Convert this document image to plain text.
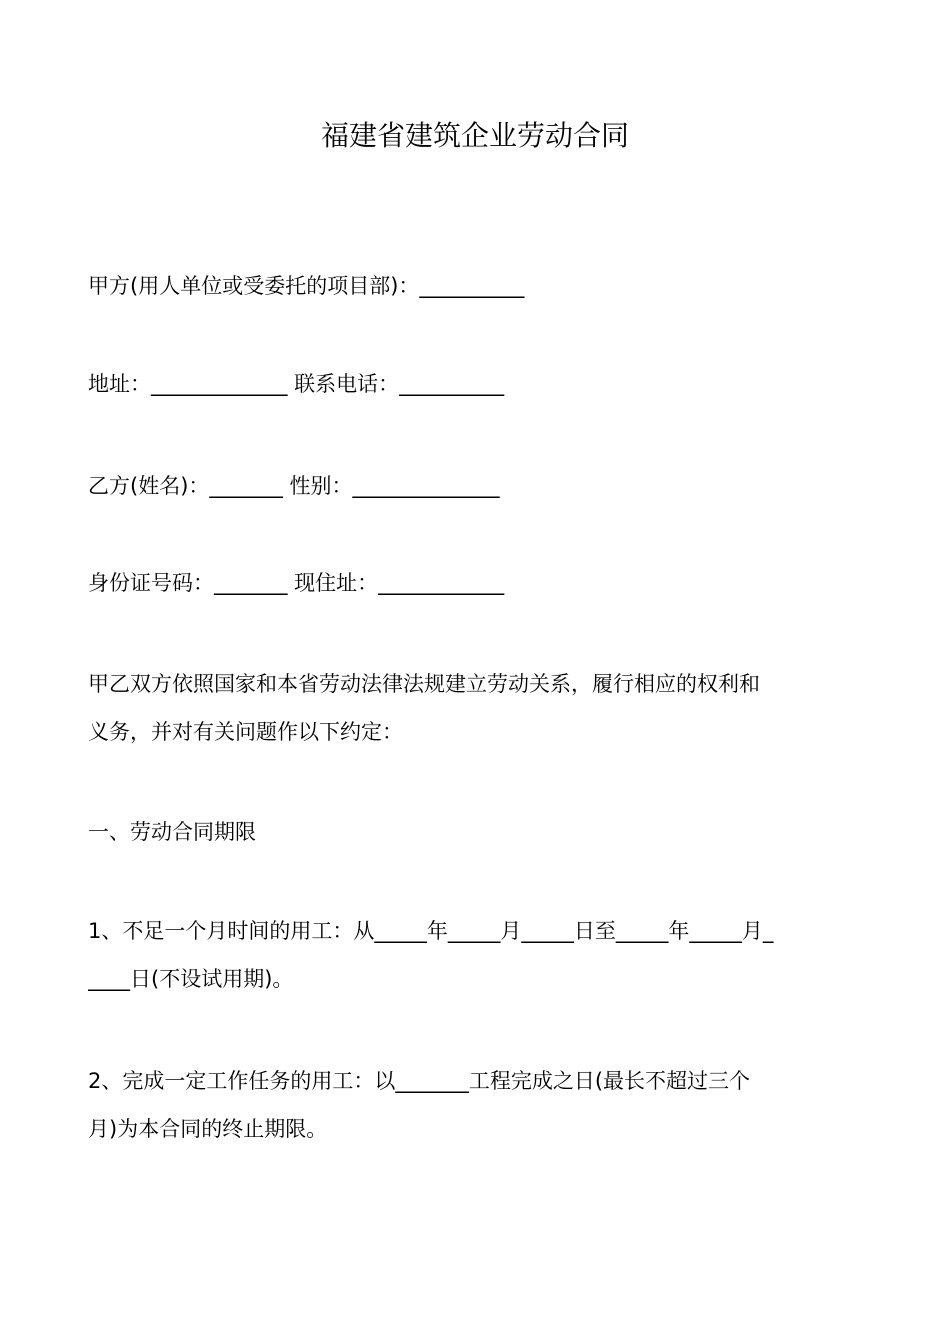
福建省建筑企业劳动合同

甲方(用人单位或受委托的项目部)：__________

地址：_____________ 联系电话：__________

乙方(姓名)：_______ 性别：______________

身份证号码：_______ 现住址：____________

甲乙双方依照国家和本省劳动法律法规建立劳动关系，履行相应的权利和
义务，并对有关问题作以下约定：

一、劳动合同期限

1、不足一个月时间的用工：从_____年_____月_____日至_____年_____月_
____日(不设试用期)。
2、完成一定工作任务的用工：以_______工程完成之日(最长不超过三个
月)为本合同的终止期限。
